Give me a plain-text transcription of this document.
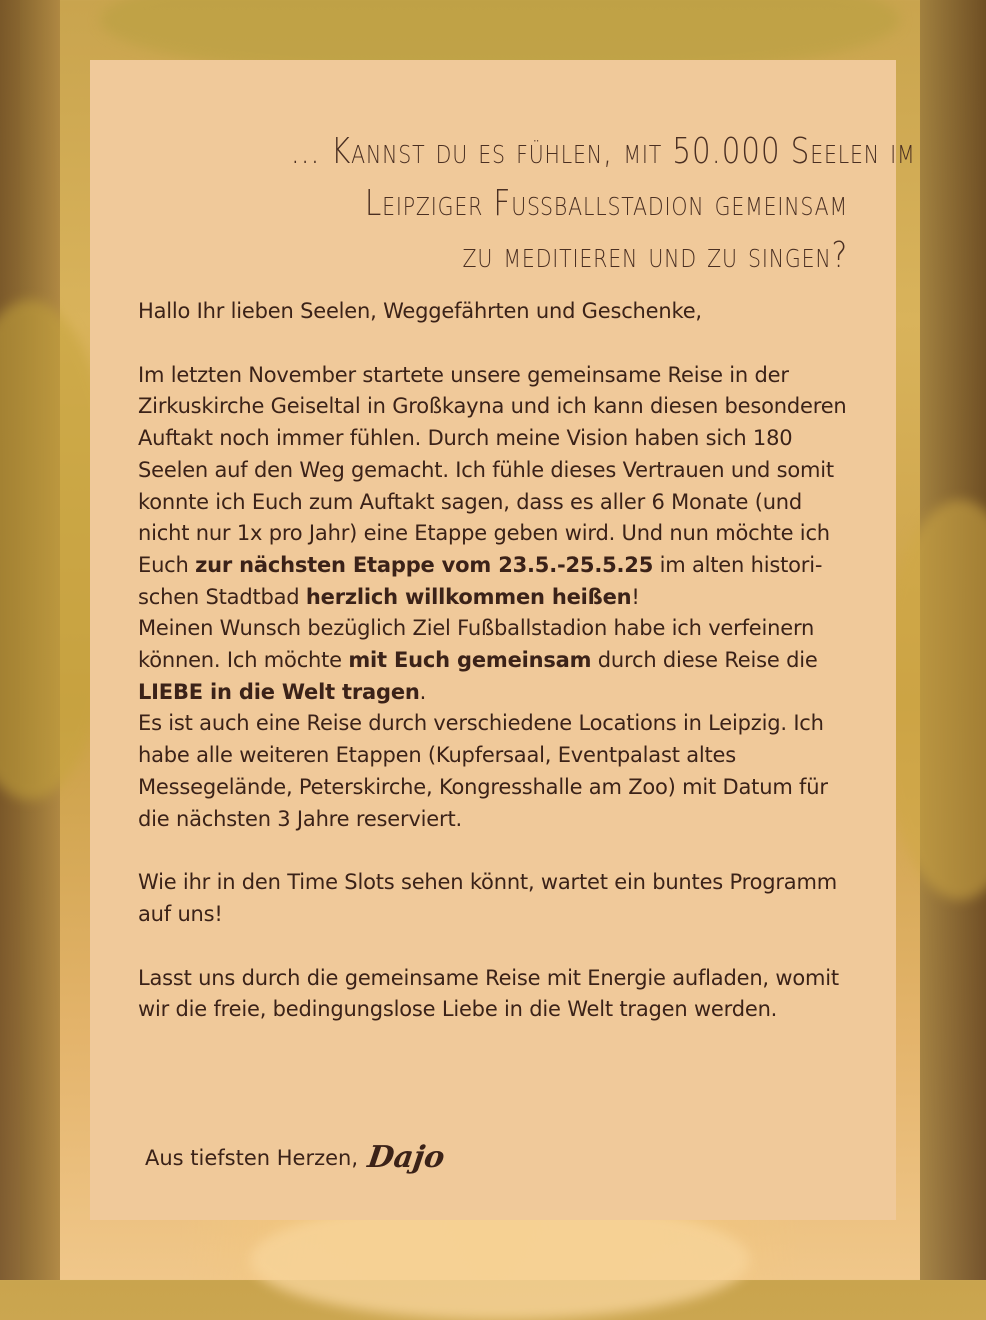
… Kannst du es fühlen, mit 50.000 Seelen im
Leipziger Fußballstadion gemeinsam
zu meditieren und zu singen?

Hallo Ihr lieben Seelen, Weggefährten und Geschenke,

Im letzten November startete unsere gemeinsame Reise in der Zirkuskirche Geiseltal in Großkayna und ich kann diesen besonderen Auftakt noch immer fühlen. Durch meine Vision haben sich 180 Seelen auf den Weg gemacht. Ich fühle dieses Vertrauen und somit konnte ich Euch zum Auftakt sagen, dass es aller 6 Monate (und nicht nur 1x pro Jahr) eine Etappe geben wird. Und nun möchte ich Euch zur nächsten Etappe vom 23.5.-25.5.25 im alten historischen Stadtbad herzlich willkommen heißen!

Meinen Wunsch bezüglich Ziel Fußballstadion habe ich verfeinern können. Ich möchte mit Euch gemeinsam durch diese Reise die LIEBE in die Welt tragen.

Es ist auch eine Reise durch verschiedene Locations in Leipzig. Ich habe alle weiteren Etappen (Kupfersaal, Eventpalast altes Messegelände, Peterskirche, Kongresshalle am Zoo) mit Datum für die nächsten 3 Jahre reserviert.

Wie ihr in den Time Slots sehen könnt, wartet ein buntes Programm auf uns!

Lasst uns durch die gemeinsame Reise mit Energie aufladen, womit wir die freie, bedingungslose Liebe in die Welt tragen werden.

Aus tiefsten Herzen, Dajo
